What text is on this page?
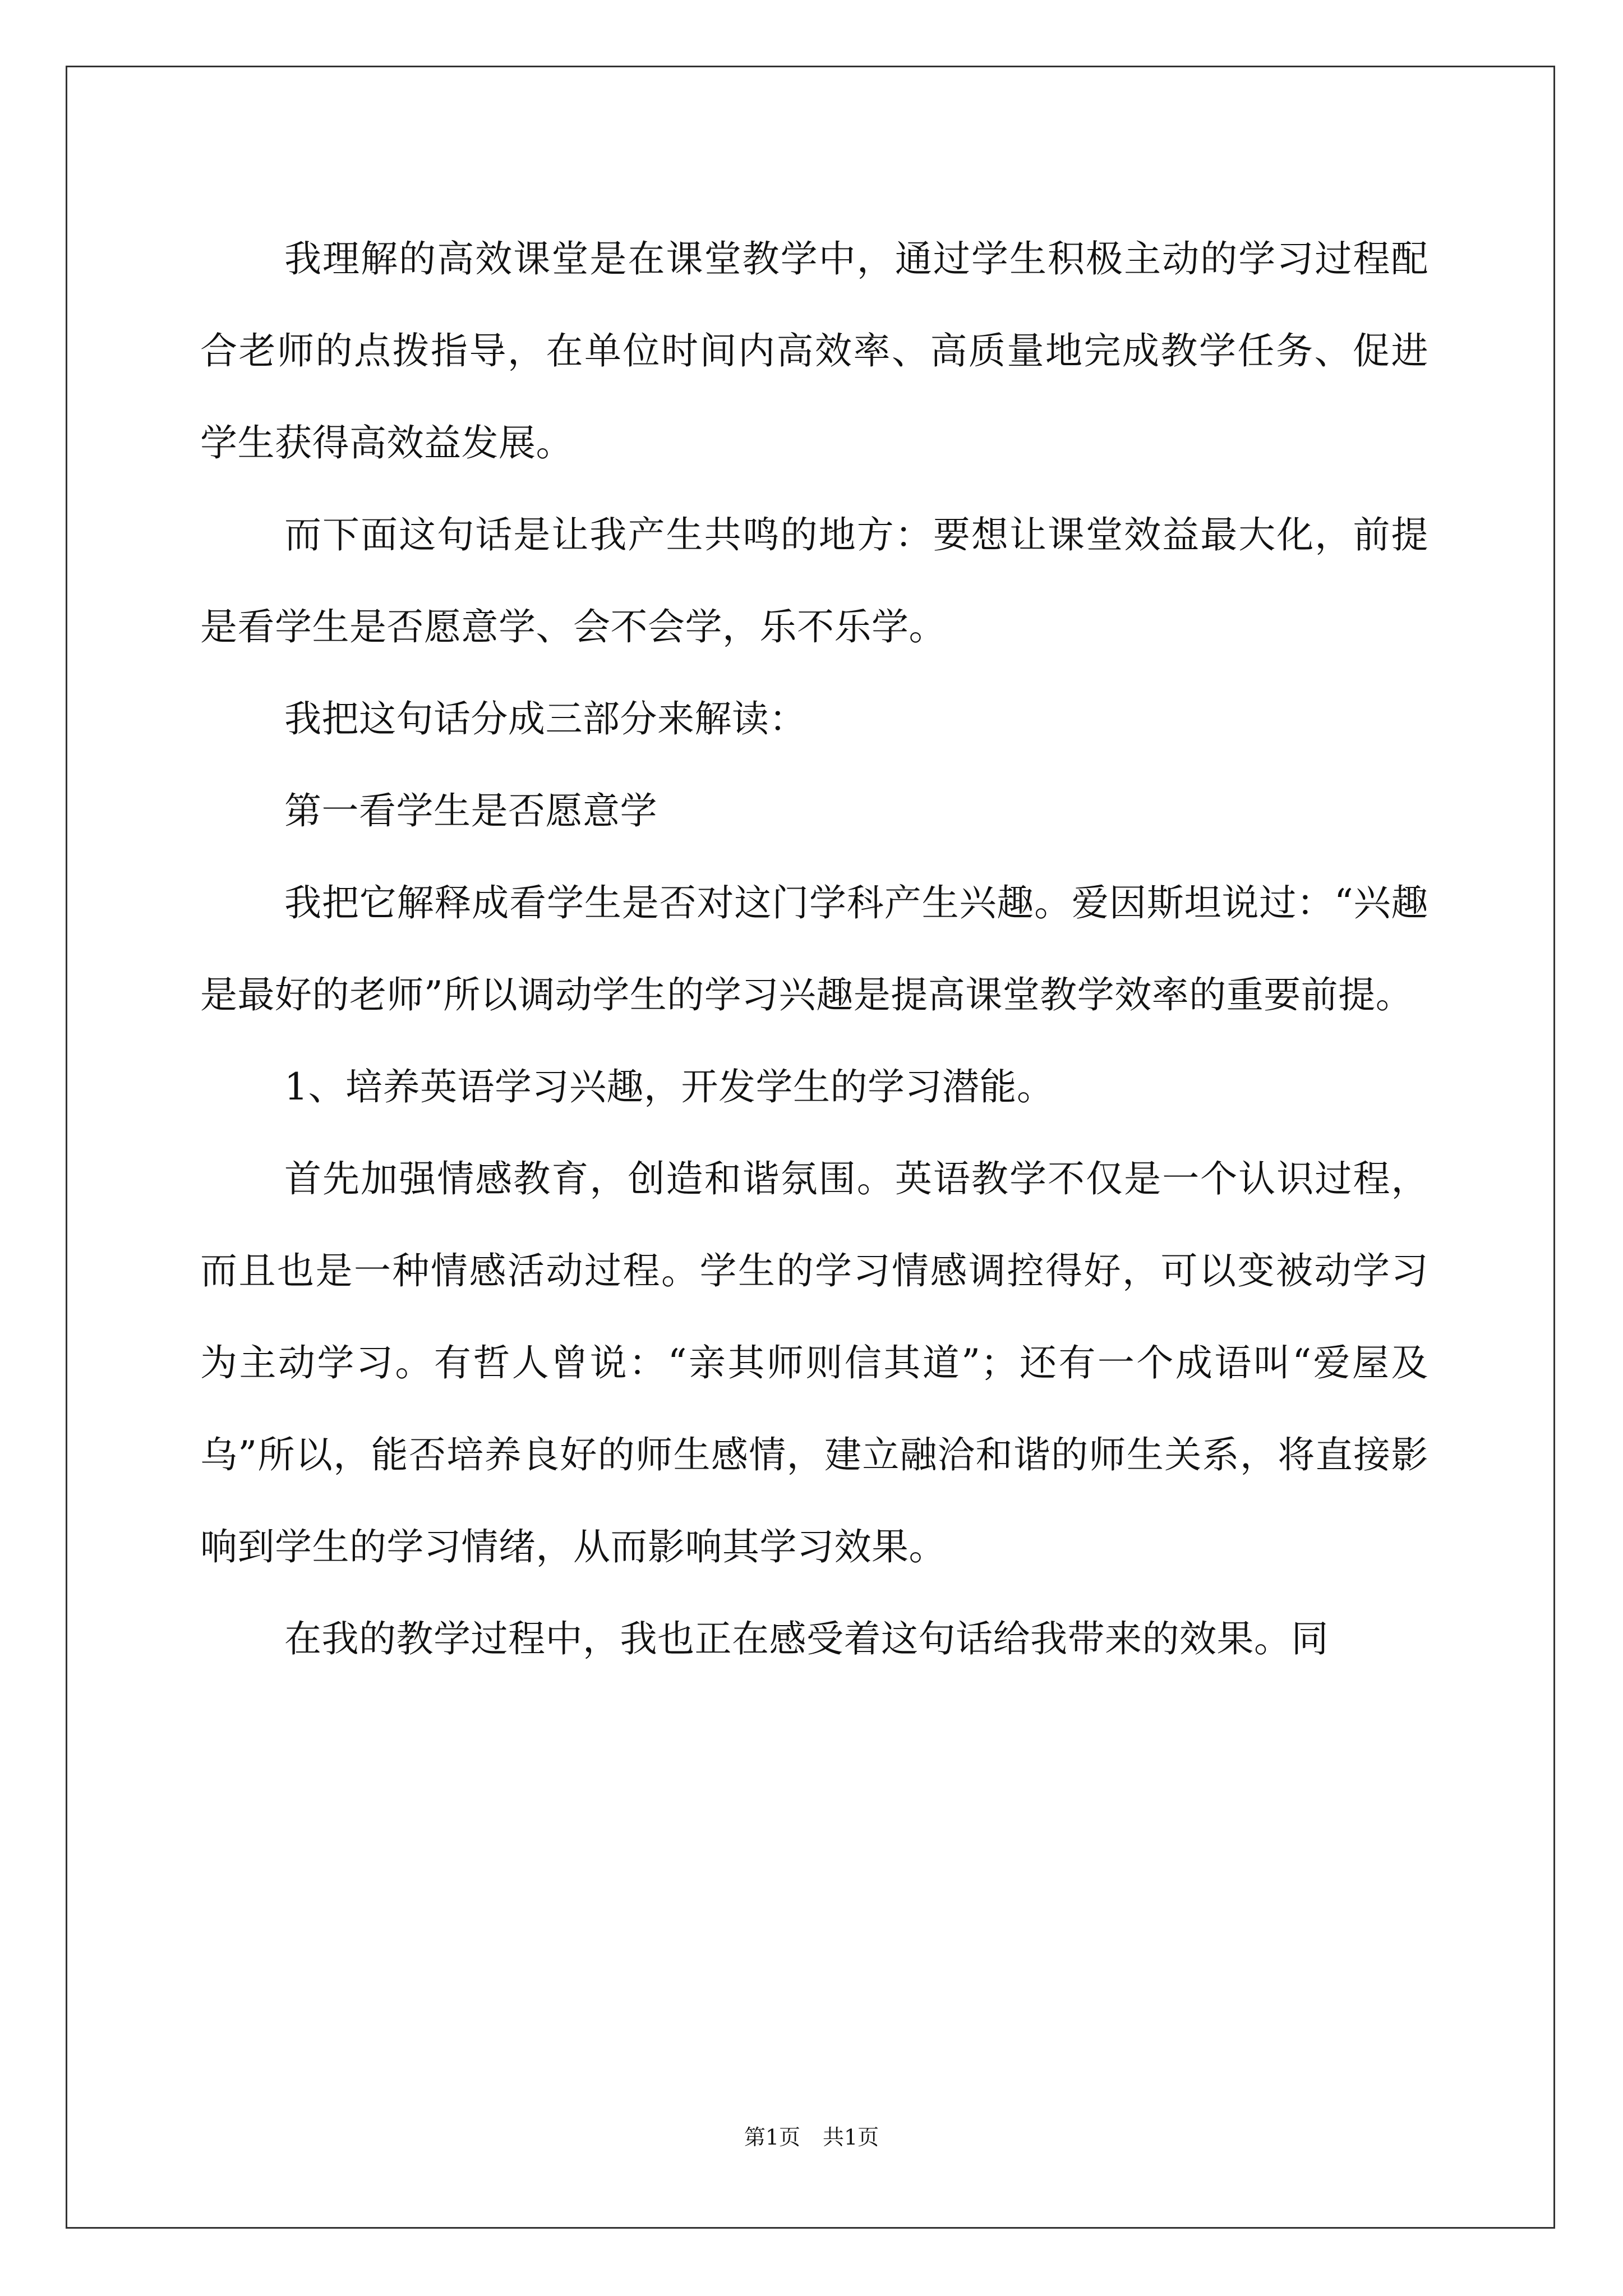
我理解的高效课堂是在课堂教学中，通过学生积极主动的学习过程配合老师的点拨指导，在单位时间内高效率、高质量地完成教学任务、促进学生获得高效益发展。

而下面这句话是让我产生共鸣的地方：要想让课堂效益最大化，前提是看学生是否愿意学、会不会学，乐不乐学。

我把这句话分成三部分来解读：

第一看学生是否愿意学

我把它解释成看学生是否对这门学科产生兴趣。爱因斯坦说过：“兴趣是最好的老师”所以调动学生的学习兴趣是提高课堂教学效率的重要前提。

1、培养英语学习兴趣，开发学生的学习潜能。

首先加强情感教育，创造和谐氛围。英语教学不仅是一个认识过程，而且也是一种情感活动过程。学生的学习情感调控得好，可以变被动学习为主动学习。有哲人曾说：“亲其师则信其道”；还有一个成语叫“爱屋及乌”所以，能否培养良好的师生感情，建立融洽和谐的师生关系，将直接影响到学生的学习情绪，从而影响其学习效果。

在我的教学过程中，我也正在感受着这句话给我带来的效果。同

第1页 共1页
